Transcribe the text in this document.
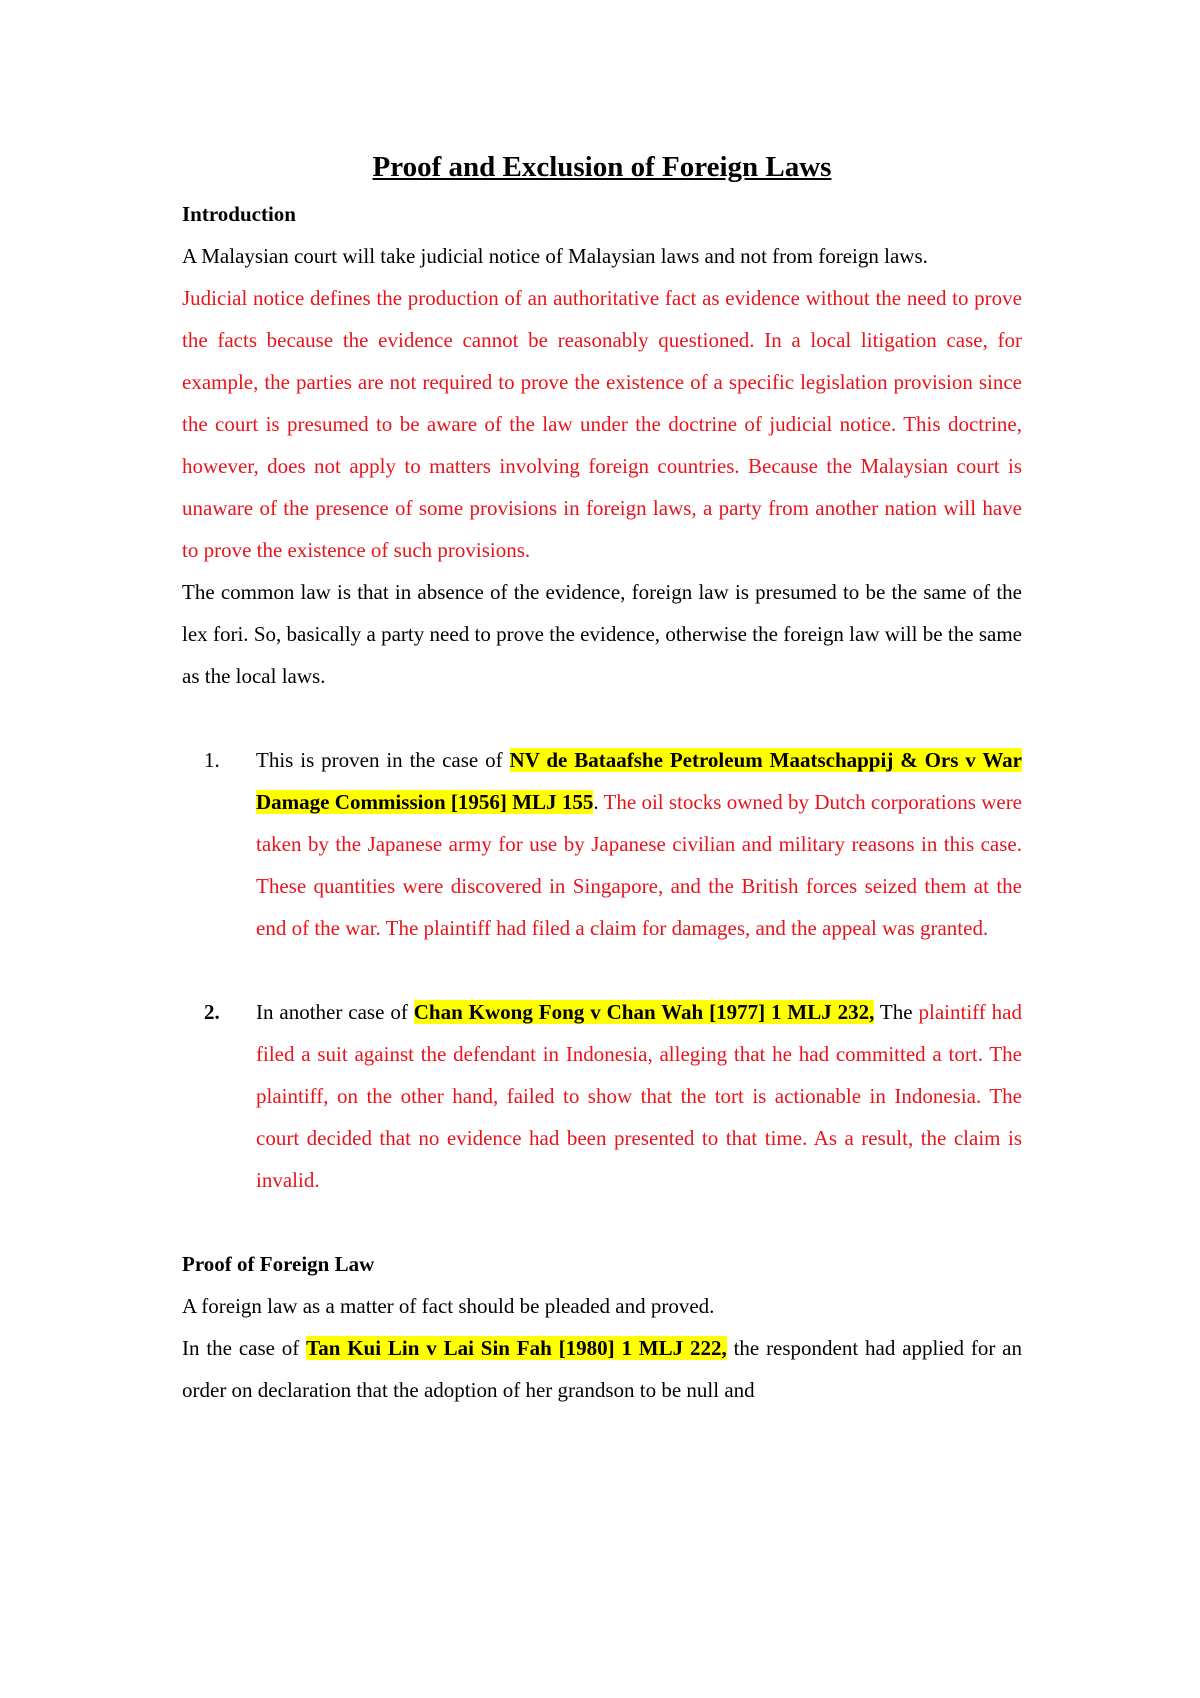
Proof and Exclusion of Foreign Laws

Introduction

A Malaysian court will take judicial notice of Malaysian laws and not from foreign laws.

Judicial notice defines the production of an authoritative fact as evidence without the need to prove the facts because the evidence cannot be reasonably questioned. In a local litigation case, for example, the parties are not required to prove the existence of a specific legislation provision since the court is presumed to be aware of the law under the doctrine of judicial notice. This doctrine, however, does not apply to matters involving foreign countries. Because the Malaysian court is unaware of the presence of some provisions in foreign laws, a party from another nation will have to prove the existence of such provisions.

The common law is that in absence of the evidence, foreign law is presumed to be the same of the lex fori. So, basically a party need to prove the evidence, otherwise the foreign law will be the same as the local laws.

1. This is proven in the case of NV de Bataafshe Petroleum Maatschappij & Ors v War Damage Commission [1956] MLJ 155. The oil stocks owned by Dutch corporations were taken by the Japanese army for use by Japanese civilian and military reasons in this case. These quantities were discovered in Singapore, and the British forces seized them at the end of the war. The plaintiff had filed a claim for damages, and the appeal was granted.
2. In another case of Chan Kwong Fong v Chan Wah [1977] 1 MLJ 232, The plaintiff had filed a suit against the defendant in Indonesia, alleging that he had committed a tort. The plaintiff, on the other hand, failed to show that the tort is actionable in Indonesia. The court decided that no evidence had been presented to that time. As a result, the claim is invalid.

Proof of Foreign Law

A foreign law as a matter of fact should be pleaded and proved.

In the case of Tan Kui Lin v Lai Sin Fah [1980] 1 MLJ 222, the respondent had applied for an order on declaration that the adoption of her grandson to be null and
